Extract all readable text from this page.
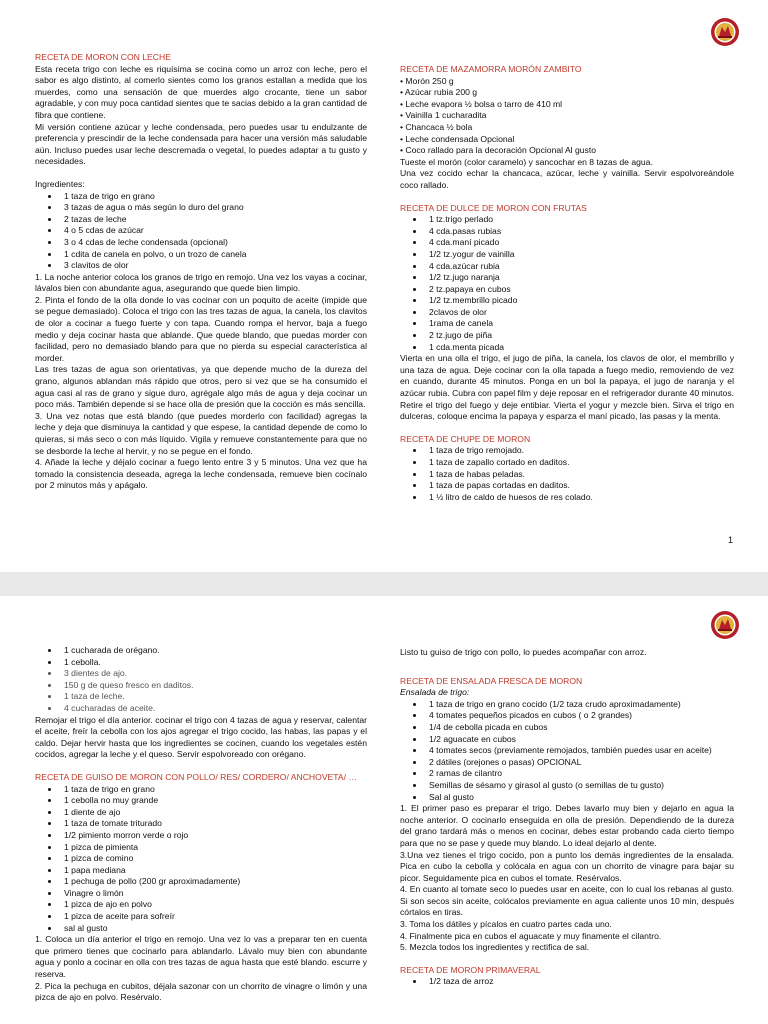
RECETA DE MORON CON LECHE

Esta receta trigo con leche es riquísima se cocina como un arroz con leche, pero el sabor es algo distinto, al comerlo sientes como los granos estallan a medida que los muerdes, como una sensación de que muerdes algo crocante, tiene un sabor agradable, y con muy poca cantidad sientes que te sacias debido a la gran cantidad de fibra que contiene.

Mi versión contiene azúcar y leche condensada, pero puedes usar tu endulzante de preferencia y prescindir de la leche condensada para hacer una versión más saludable aún. Incluso puedes usar leche descremada o vegetal, lo puedes adaptar a tu gusto y necesidades.

Ingredientes:

• 1 taza de trigo en grano
• 3 tazas de agua o más según lo duro del grano
• 2 tazas de leche
• 4 o 5 cdas de azúcar
• 3 o 4 cdas de leche condensada (opcional)
• 1 cdita de canela en polvo, o un trozo de canela
• 3 clavitos de olor

1. La noche anterior coloca los granos de trigo en remojo. Una vez los vayas a cocinar, lávalos bien con abundante agua, asegurando que quede bien limpio.

2. Pinta el fondo de la olla donde lo vas cocinar con un poquito de aceite (impide que se pegue demasiado). Coloca el trigo con las tres tazas de agua, la canela, los clavitos de olor a cocinar a fuego fuerte y con tapa. Cuando rompa el hervor, baja a fuego medio y deja cocinar hasta que ablande. Que quede blando, que puedas morder con facilidad, pero no demasiado blando para que no pierda su especial característica al morder.

Las tres tazas de agua son orientativas, ya que depende mucho de la dureza del grano, algunos ablandan más rápido que otros, pero si vez que se ha consumido el agua casi al ras de grano y sigue duro, agrégale algo más de agua y deja cocinar un poco más. También depende si se hace olla de presión que la cocción es más sencilla.

3. Una vez notas que está blando (que puedes morderlo con facilidad) agregas la leche y deja que disminuya la cantidad y que espese, la cantidad depende de como lo quieras, si más seco o con más líquido. Vigila y remueve constantemente para que no se desborde la leche al hervir, y no se pegue en el fondo.

4. Añade la leche y déjalo cocinar a fuego lento entre 3 y 5 minutos. Una vez que ha tomado la consistencia deseada, agrega la leche condensada, remueve bien cocínalo por 2 minutos más y apágalo.

RECETA DE MAZAMORRA MORÓN ZAMBITO

• Morón 250 g

• Azúcar rubia 200 g

• Leche evapora ½ bolsa o tarro de 410 ml

• Vainilla 1 cucharadita

• Chancaca ½ bola

• Leche condensada Opcional

• Coco rallado para la decoración Opcional Al gusto

Tueste el morón (color caramelo) y sancochar en 8 tazas de agua.

Una vez cocido echar la chancaca, azúcar, leche y vainilla. Servir espolvoreándole coco rallado.

RECETA DE DULCE DE MORON CON FRUTAS

• 1 tz.trigo perlado
• 4 cda.pasas rubias
• 4 cda.maní picado
• 1/2 tz.yogur de vainilla
• 4 cda.azúcar rubia
• 1/2 tz.jugo naranja
• 2 tz.papaya en cubos
• 1/2 tz.membrillo picado
• 2clavos de olor
• 1rama de canela
• 2 tz.jugo de piña
• 1 cda.menta picada

Vierta en una olla el trigo, el jugo de piña, la canela, los clavos de olor, el membrillo y una taza de agua. Deje cocinar con la olla tapada a fuego medio, removiendo de vez en cuando, durante 45 minutos. Ponga en un bol la papaya, el jugo de naranja y el azúcar rubia. Cubra con papel film y deje reposar en el refrigerador durante 40 minutos. Retire el trigo del fuego y deje entibiar. Vierta el yogur y mezcle bien. Sirva el trigo en dulceras, coloque encima la papaya y esparza el maní picado, las pasas y la menta.

RECETA DE CHUPE DE MORON

• 1 taza de trigo remojado.
• 1 taza de zapallo cortado en daditos.
• 1 taza de habas peladas.
• 1 taza de papas cortadas en daditos.
• 1 ½ litro de caldo de huesos de res colado.
1
• 1 cucharada de orégano.
• 1 cebolla.
• 3 dientes de ajo.
• 150 g de queso fresco en daditos.
• 1 taza de leche.
• 4 cucharadas de aceite.

Remojar el trigo el día anterior. cocinar el trigo con 4 tazas de agua y reservar, calentar el aceite, freír la cebolla con los ajos agregar el trigo cocido, las habas, las papas y el caldo. Dejar hervir hasta que los ingredientes se cocinen, cuando los vegetales estén cocidos, agregar la leche y el queso. Servir espolvoreado con orégano.

RECETA DE GUISO DE MORON CON POLLO/ RES/ CORDERO/ ANCHOVETA/ …

• 1 taza de trigo en grano
• 1 cebolla no muy grande
• 1 diente de ajo
• 1 taza de tomate triturado
• 1/2 pimiento morron verde o rojo
• 1 pizca de pimienta
• 1 pizca de comino
• 1 papa mediana
• 1 pechuga de pollo (200 gr aproximadamente)
• Vinagre o limón
• 1 pizca de ajo en polvo
• 1 pizca de aceite para sofreír
• sal al gusto

1. Coloca un día anterior el trigo en remojo. Una vez lo vas a preparar ten en cuenta que primero tienes que cocinarlo para ablandarlo. Lávalo muy bien con abundante agua y ponlo a cocinar en olla con tres tazas de agua hasta que esté blando. escurre y reserva.

2. Pica la pechuga en cubitos, déjala sazonar con un chorrito de vinagre o limón y una pizca de ajo en polvo. Resérvalo.

Listo tu guiso de trigo con pollo, lo puedes acompañar con arroz.

RECETA DE ENSALADA FRESCA DE MORON

Ensalada de trigo:

• 1 taza de trigo en grano cocido (1/2 taza crudo aproximadamente)
• 4 tomates pequeños picados en cubos ( o 2 grandes)
• 1/4 de cebolla picada en cubos
• 1/2 aguacate en cubos
• 4 tomates secos (previamente remojados, también puedes usar en aceite)
• 2 dátiles (orejones o pasas) OPCIONAL
• 2 ramas de cilantro
• Semillas de sésamo y girasol al gusto (o semillas de tu gusto)
• Sal al gusto

1. El primer paso es preparar el trigo. Debes lavarlo muy bien y dejarlo en agua la noche anterior. O cocinarlo enseguida en olla de presión. Dependiendo de la dureza del grano tardará más o menos en cocinar, debes estar probando cada cierto tiempo para que no se pase y quede muy blando. Lo ideal dejarlo al dente.

3.Una vez tienes el trigo cocido, pon a punto los demás ingredientes de la ensalada. Pica en cubo la cebolla y colócala en agua con un chorrito de vinagre para bajar su picor. Seguidamente pica en cubos el tomate. Resérvalos.

4. En cuanto al tomate seco lo puedes usar en aceite, con lo cual los rebanas al gusto. Si son secos sin aceite, colócalos previamente en agua caliente unos 10 min, después córtalos en tiras.

3. Toma los dátiles y pícalos en cuatro partes cada uno.

4. Finalmente pica en cubos el aguacate y muy finamente el cilantro.

5. Mezcla todos los ingredientes y rectifica de sal.

RECETA DE MORON PRIMAVERAL

• 1/2 taza de arroz
